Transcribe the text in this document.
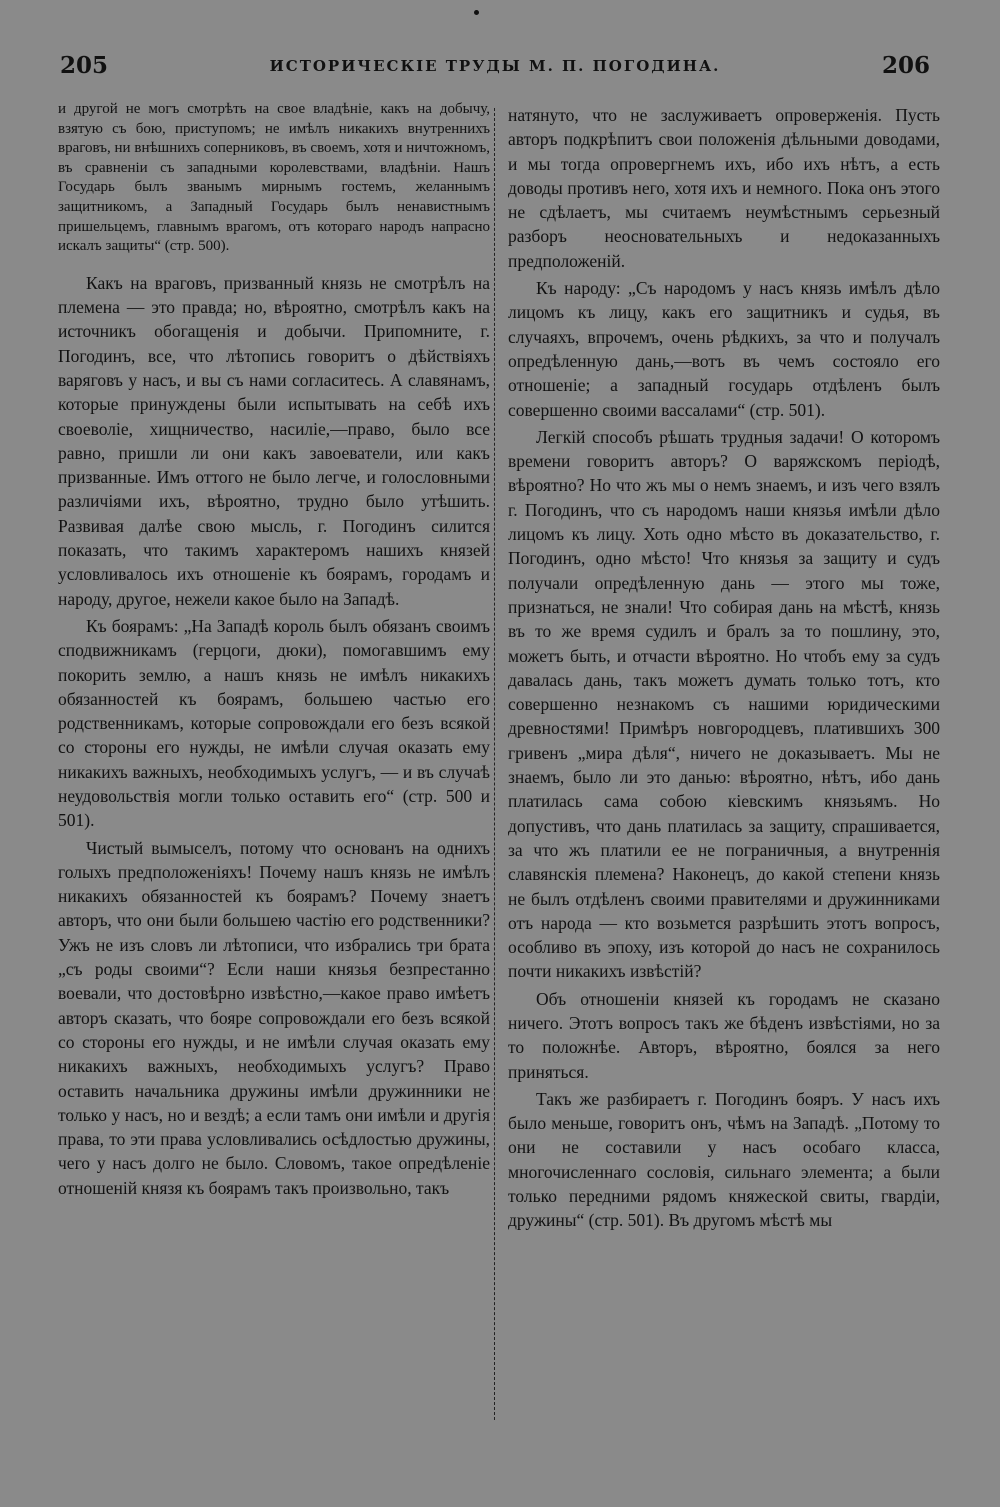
205	ИСТОРИЧЕСКІЕ ТРУДЫ М. П. ПОГОДИНА.	206

и другой не могъ смотрѣть на свое владѣніе, какъ на добычу, взятую съ бою, приступомъ; не имѣлъ никакихъ внутреннихъ враговъ, ни внѣшнихъ соперниковъ, въ своемъ, хотя и ничтожномъ, въ сравненіи съ западными королевствами, владѣніи. Нашъ Государь былъ званымъ мирнымъ гостемъ, желаннымъ защитникомъ, а Западный Государь былъ ненавистнымъ пришельцемъ, главнымъ врагомъ, отъ котораго народъ напрасно искалъ защиты“ (стр. 500).

Какъ на враговъ, призванный князь не смотрѣлъ на племена — это правда; но, вѣроятно, смотрѣлъ какъ на источникъ обогащенія и добычи. Припомните, г. Погодинъ, все, что лѣтопись говоритъ о дѣйствіяхъ варяговъ у насъ, и вы съ нами согласитесь. А славянамъ, которые принуждены были испытывать на себѣ ихъ своеволіе, хищничество, насиліе,—право, было все равно, пришли ли они какъ завоеватели, или какъ призванные. Имъ оттого не было легче, и голословными различіями ихъ, вѣроятно, трудно было утѣшить. Развивая далѣе свою мысль, г. Погодинъ силится показать, что такимъ характеромъ нашихъ князей условливалось ихъ отношеніе къ боярамъ, городамъ и народу, другое, нежели какое было на Западѣ.

Къ боярамъ: „На Западѣ король былъ обязанъ своимъ сподвижникамъ (герцоги, дюки), помогавшимъ ему покорить землю, а нашъ князь не имѣлъ никакихъ обязанностей къ боярамъ, большею частью его родственникамъ, которые сопровождали его безъ всякой со стороны его нужды, не имѣли случая оказать ему никакихъ важныхъ, необходимыхъ услугъ, — и въ случаѣ неудовольствія могли только оставить его“ (стр. 500 и 501).

Чистый вымыселъ, потому что основанъ на однихъ голыхъ предположеніяхъ! Почему нашъ князь не имѣлъ никакихъ обязанностей къ боярамъ? Почему знаетъ авторъ, что они были большею частію его родственники? Ужъ не изъ словъ ли лѣтописи, что избрались три брата „съ роды своими“? Если наши князья безпрестанно воевали, что достовѣрно извѣстно,—какое право имѣетъ авторъ сказать, что бояре сопровождали его безъ всякой со стороны его нужды, и не имѣли случая оказать ему никакихъ важныхъ, необходимыхъ услугъ? Право оставить начальника дружины имѣли дружинники не только у насъ, но и вездѣ; а если тамъ они имѣли и другія права, то эти права условливались осѣдлостью дружины, чего у насъ долго не было. Словомъ, такое опредѣленіе отношеній князя къ боярамъ такъ произвольно, такъ

натянуто, что не заслуживаетъ опроверженія. Пусть авторъ подкрѣпитъ свои положенія дѣльными доводами, и мы тогда опровергнемъ ихъ, ибо ихъ нѣтъ, а есть доводы противъ него, хотя ихъ и немного. Пока онъ этого не сдѣлаетъ, мы считаемъ неумѣстнымъ серьезный разборъ неосновательныхъ и недоказанныхъ предположеній.

Къ народу: „Съ народомъ у насъ князь имѣлъ дѣло лицомъ къ лицу, какъ его защитникъ и судья, въ случаяхъ, впрочемъ, очень рѣдкихъ, за что и получалъ опредѣленную дань,—вотъ въ чемъ состояло его отношеніе; а западный государь отдѣленъ былъ совершенно своими вассалами“ (стр. 501).

Легкій способъ рѣшать трудныя задачи! О которомъ времени говоритъ авторъ? О варяжскомъ періодѣ, вѣроятно? Но что жъ мы о немъ знаемъ, и изъ чего взялъ г. Погодинъ, что съ народомъ наши князья имѣли дѣло лицомъ къ лицу. Хоть одно мѣсто въ доказательство, г. Погодинъ, одно мѣсто! Что князья за защиту и судъ получали опредѣленную дань — этого мы тоже, признаться, не знали! Что собирая дань на мѣстѣ, князь въ то же время судилъ и бралъ за то пошлину, это, можетъ быть, и отчасти вѣроятно. Но чтобъ ему за судъ давалась дань, такъ можетъ думать только тотъ, кто совершенно незнакомъ съ нашими юридическими древностями! Примѣръ новгородцевъ, платившихъ 300 гривенъ „мира дѣля“, ничего не доказываетъ. Мы не знаемъ, было ли это данью: вѣроятно, нѣтъ, ибо дань платилась сама собою кіевскимъ князьямъ. Но допустивъ, что дань платилась за защиту, спрашивается, за что жъ платили ее не пограничныя, а внутреннія славянскія племена? Наконецъ, до какой степени князь не былъ отдѣленъ своими правителями и дружинниками отъ народа — кто возьмется разрѣшить этотъ вопросъ, особливо въ эпоху, изъ которой до насъ не сохранилось почти никакихъ извѣстій?

Объ отношеніи князей къ городамъ не сказано ничего. Этотъ вопросъ такъ же бѣденъ извѣстіями, но за то положнѣе. Авторъ, вѣроятно, боялся за него приняться.

Такъ же разбираетъ г. Погодинъ бояръ. У насъ ихъ было меньше, говоритъ онъ, чѣмъ на Западѣ. „Потому то они не составили у насъ особаго класса, многочисленнаго сословія, сильнаго элемента; а были только передними рядомъ княжеской свиты, гвардіи, дружины“ (стр. 501). Въ другомъ мѣстѣ мы
